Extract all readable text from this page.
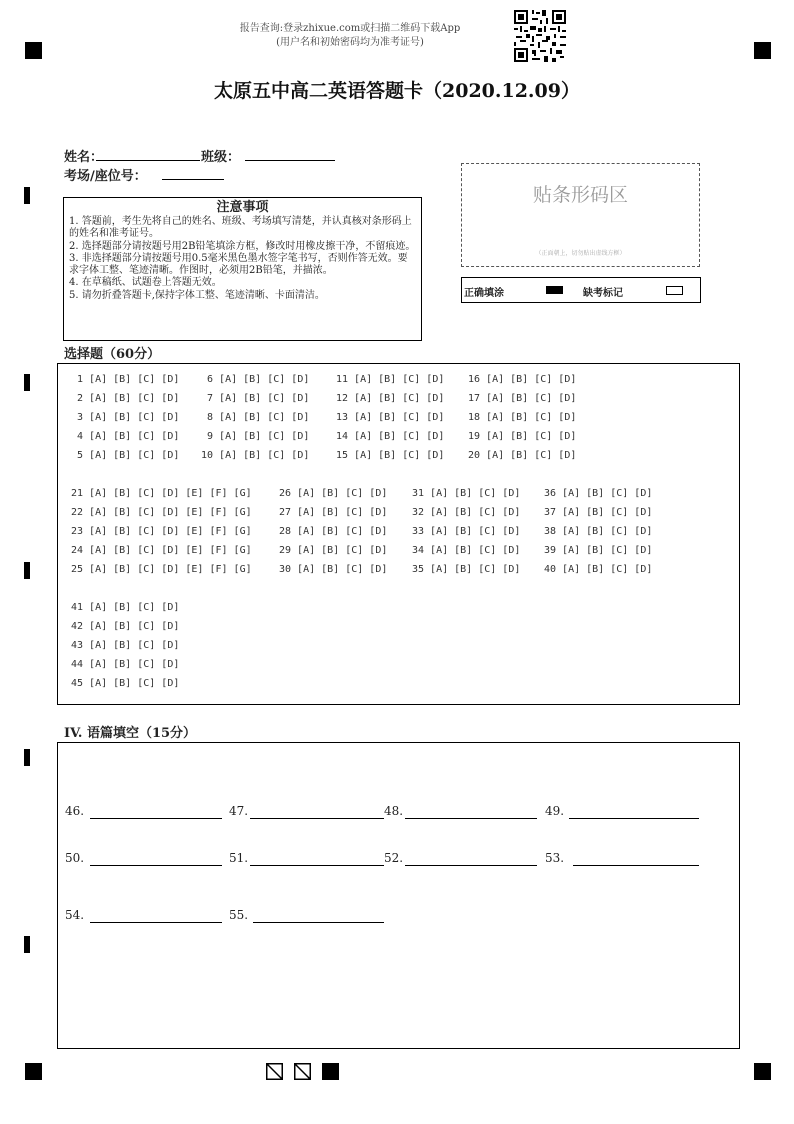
报告查询:登录zhixue.com或扫描二维码下载App
(用户名和初始密码均为准考证号)
太原五中高二英语答题卡（2020.12.09）
姓名：	班级：
考场/座位号：
贴条形码区
（正面朝上，切勿贴出虚线方框）
正确填涂	缺考标记
注意事项
1. 答题前，考生先将自己的姓名、班级、考场填写清楚，并认真核对条形码上的姓名和准考证号。
2. 选择题部分请按题号用2B铅笔填涂方框，修改时用橡皮擦干净，不留痕迹。
3. 非选择题部分请按题号用0.5毫米黑色墨水签字笔书写，否则作答无效。要求字体工整、笔迹清晰。作图时，必须用2B铅笔，并描浓。
4. 在草稿纸、试题卷上答题无效。
5. 请勿折叠答题卡,保持字体工整、笔迹清晰、卡面清洁。
选择题（60分）
1 [A] [B] [C] [D] 6 [A] [B] [C] [D]	11 [A] [B] [C] [D] 16 [A] [B] [C] [D]
2 [A] [B] [C] [D] 7 [A] [B] [C] [D]	12 [A] [B] [C] [D] 17 [A] [B] [C] [D]
3 [A] [B] [C] [D] 8 [A] [B] [C] [D]	13 [A] [B] [C] [D] 18 [A] [B] [C] [D]
4 [A] [B] [C] [D] 9 [A] [B] [C] [D]	14 [A] [B] [C] [D] 19 [A] [B] [C] [D]
5 [A] [B] [C] [D] 10 [A] [B] [C] [D]	15 [A] [B] [C] [D] 20 [A] [B] [C] [D]
21 [A] [B] [C] [D] [E] [F] [G]	26 [A] [B] [C] [D] 31 [A] [B] [C] [D] 36 [A] [B] [C] [D]
22 [A] [B] [C] [D] [E] [F] [G]	27 [A] [B] [C] [D] 32 [A] [B] [C] [D] 37 [A] [B] [C] [D]
23 [A] [B] [C] [D] [E] [F] [G]	28 [A] [B] [C] [D] 33 [A] [B] [C] [D] 38 [A] [B] [C] [D]
24 [A] [B] [C] [D] [E] [F] [G]	29 [A] [B] [C] [D] 34 [A] [B] [C] [D] 39 [A] [B] [C] [D]
25 [A] [B] [C] [D] [E] [F] [G]	30 [A] [B] [C] [D] 35 [A] [B] [C] [D] 40 [A] [B] [C] [D]
41 [A] [B] [C] [D]
42 [A] [B] [C] [D]
43 [A] [B] [C] [D]
44 [A] [B] [C] [D]
45 [A] [B] [C] [D]
IV. 语篇填空（15分）
46.	47.	48.	49.
50.	51.	52.	53.
54.	55.
